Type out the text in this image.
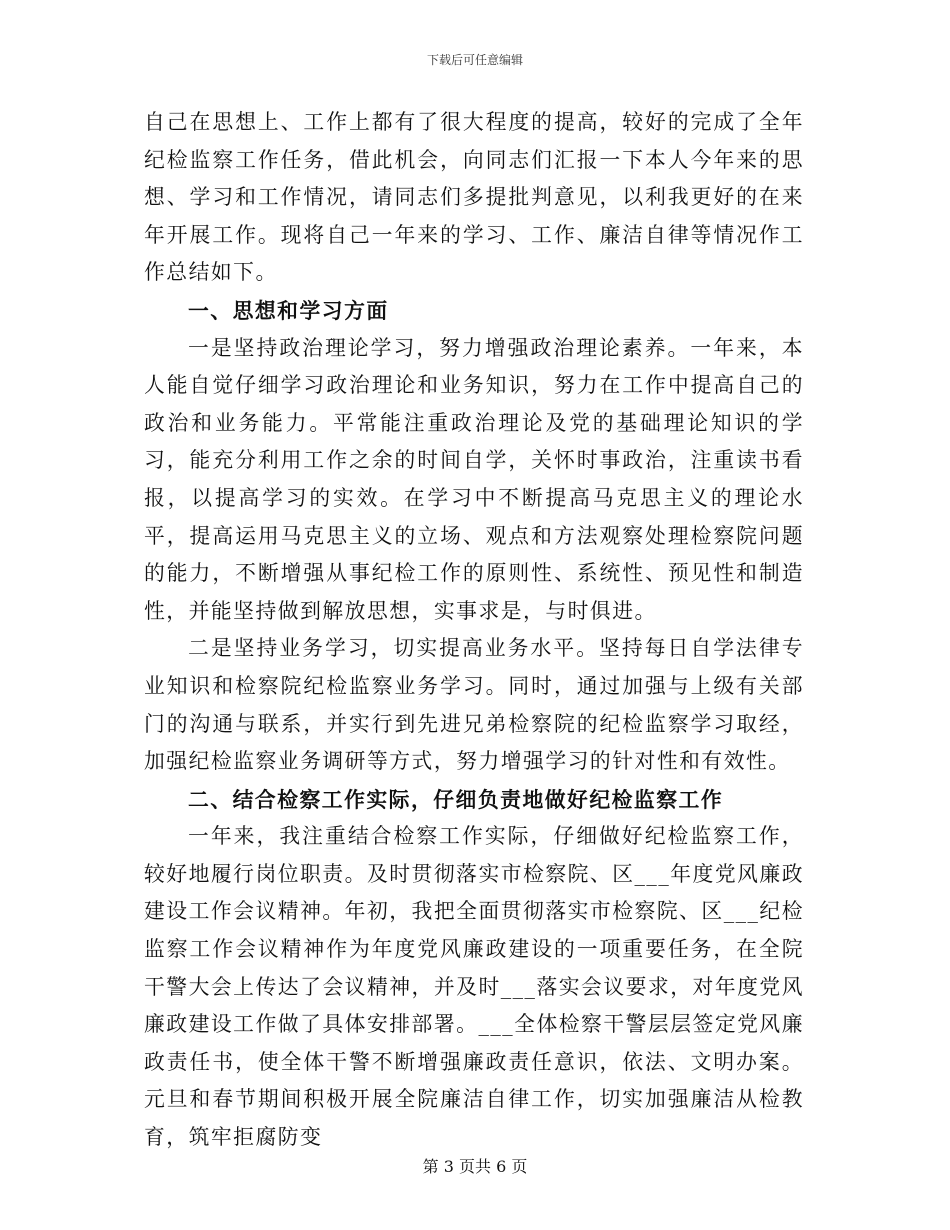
下载后可任意编辑

自己在思想上、工作上都有了很大程度的提高，较好的完成了全年纪检监察工作任务，借此机会，向同志们汇报一下本人今年来的思想、学习和工作情况，请同志们多提批判意见，以利我更好的在来年开展工作。现将自己一年来的学习、工作、廉洁自律等情况作工作总结如下。

一、思想和学习方面

一是坚持政治理论学习，努力增强政治理论素养。一年来，本人能自觉仔细学习政治理论和业务知识，努力在工作中提高自己的政治和业务能力。平常能注重政治理论及党的基础理论知识的学习，能充分利用工作之余的时间自学，关怀时事政治，注重读书看报，以提高学习的实效。在学习中不断提高马克思主义的理论水平，提高运用马克思主义的立场、观点和方法观察处理检察院问题的能力，不断增强从事纪检工作的原则性、系统性、预见性和制造性，并能坚持做到解放思想，实事求是，与时俱进。

二是坚持业务学习，切实提高业务水平。坚持每日自学法律专业知识和检察院纪检监察业务学习。同时，通过加强与上级有关部门的沟通与联系，并实行到先进兄弟检察院的纪检监察学习取经，加强纪检监察业务调研等方式，努力增强学习的针对性和有效性。

二、结合检察工作实际，仔细负责地做好纪检监察工作

一年来，我注重结合检察工作实际，仔细做好纪检监察工作，较好地履行岗位职责。及时贯彻落实市检察院、区___年度党风廉政建设工作会议精神。年初，我把全面贯彻落实市检察院、区___纪检监察工作会议精神作为年度党风廉政建设的一项重要任务，在全院干警大会上传达了会议精神，并及时___落实会议要求，对年度党风廉政建设工作做了具体安排部署。___全体检察干警层层签定党风廉政责任书，使全体干警不断增强廉政责任意识，依法、文明办案。元旦和春节期间积极开展全院廉洁自律工作，切实加强廉洁从检教育，筑牢拒腐防变

第 3 页共 6 页
